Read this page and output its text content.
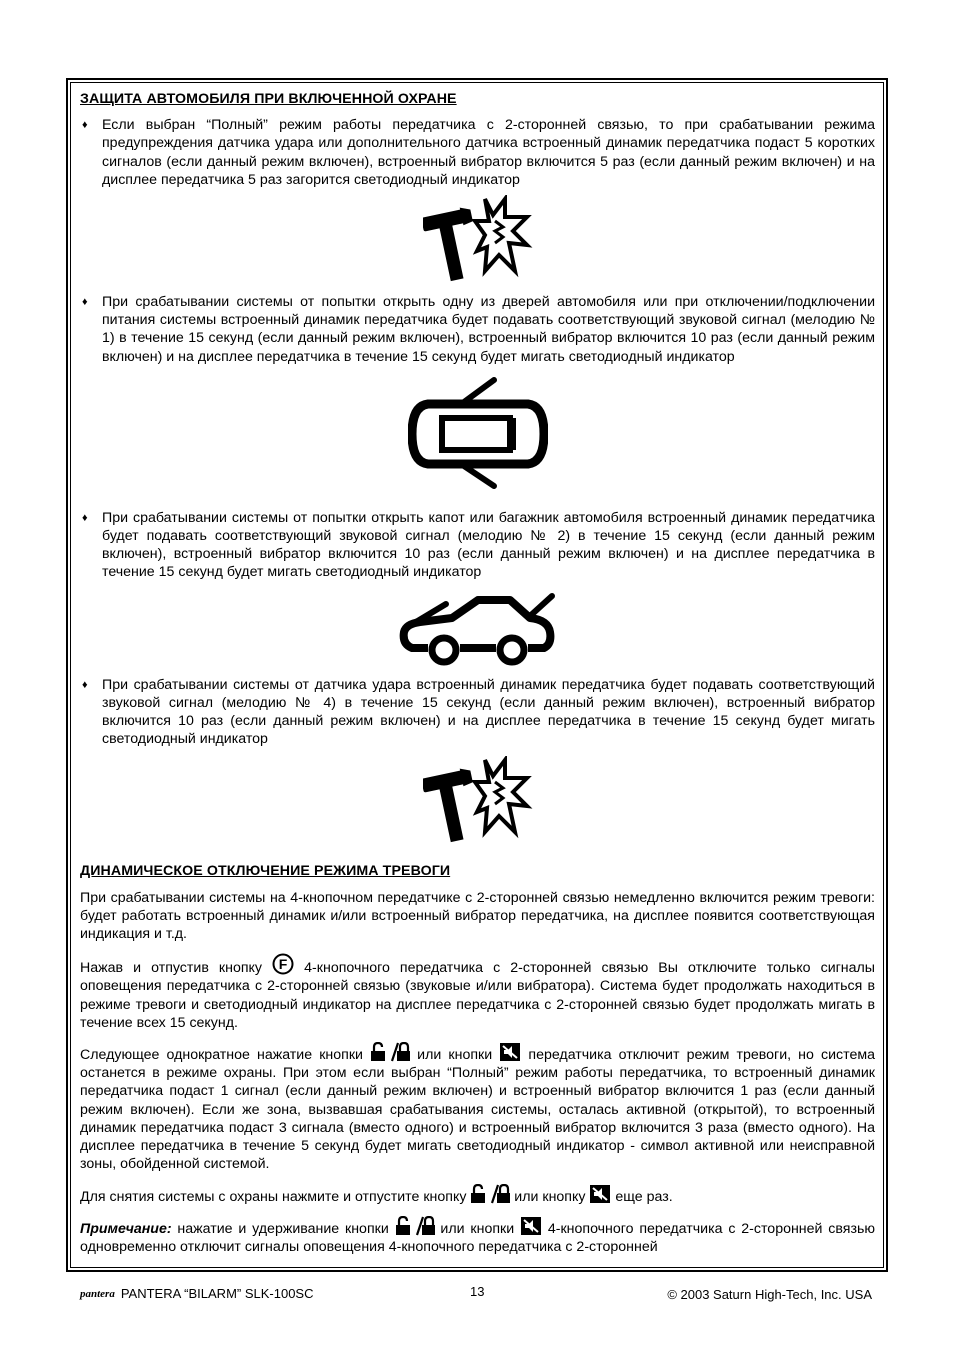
ЗАЩИТА АВТОМОБИЛЯ ПРИ ВКЛЮЧЕННОЙ ОХРАНЕ

♦ Если выбран “Полный” режим работы передатчика с 2-сторонней связью, то при срабатывании режима предупреждения датчика удара или дополнительного датчика встроенный динамик передатчика подаст 5 коротких сигналов (если данный режим включен), встроенный вибратор включится 5 раз (если данный режим включен) и на дисплее передатчика 5 раз загорится светодиодный индикатор

♦ При срабатывании системы от попытки открыть одну из дверей автомобиля или при отключении/подключении питания системы встроенный динамик передатчика будет подавать соответствующий звуковой сигнал (мелодию № 1) в течение 15 секунд (если данный режим включен), встроенный вибратор включится 10 раз (если данный режим включен) и на дисплее передатчика в течение 15 секунд будет мигать светодиодный индикатор

♦ При срабатывании системы от попытки открыть капот или багажник автомобиля встроенный динамик передатчика будет подавать соответствующий звуковой сигнал (мелодию № 2) в течение 15 секунд (если данный режим включен), встроенный вибратор включится 10 раз (если данный режим включен) и на дисплее передатчика в течение 15 секунд будет мигать светодиодный индикатор

♦ При срабатывании системы от датчика удара встроенный динамик передатчика будет подавать соответствующий звуковой сигнал (мелодию № 4) в течение 15 секунд (если данный режим включен), встроенный вибратор включится 10 раз (если данный режим включен) и на дисплее передатчика в течение 15 секунд будет мигать светодиодный индикатор

ДИНАМИЧЕСКОЕ ОТКЛЮЧЕНИЕ РЕЖИМА ТРЕВОГИ

При срабатывании системы на 4-кнопочном передатчике с 2-сторонней связью немедленно включится режим тревоги: будет работать встроенный динамик и/или встроенный вибратор передатчика, на дисплее появится соответствующая индикация и т.д.

Нажав и отпустив кнопку F 4-кнопочного передатчика с 2-сторонней связью Вы отключите только сигналы оповещения передатчика с 2-сторонней связью (звуковые и/или вибратора). Система будет продолжать находиться в режиме тревоги и светодиодный индикатор на дисплее передатчика с 2-сторонней связью будет продолжать мигать в течение всех 15 секунд.

Следующее однократное нажатие кнопки	или кнопки  передатчика отключит режим тревоги, но система останется в режиме охраны. При этом если выбран “Полный” режим работы передатчика, то встроенный динамик передатчика подаст 1 сигнал (если данный режим включен) и встроенный вибратор включится 1 раз (если данный режим включен). Если же зона, вызвавшая срабатывания системы, осталась активной (открытой), то встроенный динамик передатчика подаст 3 сигнала (вместо одного) и встроенный вибратор включится 3 раза (вместо одного). На дисплее передатчика в течение 5 секунд будет мигать светодиодный индикатор - символ активной или неисправной зоны, обойденной системой.

Для снятия системы с охраны нажмите и отпустите кнопку	или кнопку  еще раз.

Примечание: нажатие и удерживание кнопки	или кнопки  4-кнопочного передатчика с 2-сторонней связью одновременно отключит сигналы оповещения 4-кнопочного передатчика с 2-сторонней

pantera PANTERA “BILARM” SLK-100SC	13	© 2003 Saturn High-Tech, Inc. USA
